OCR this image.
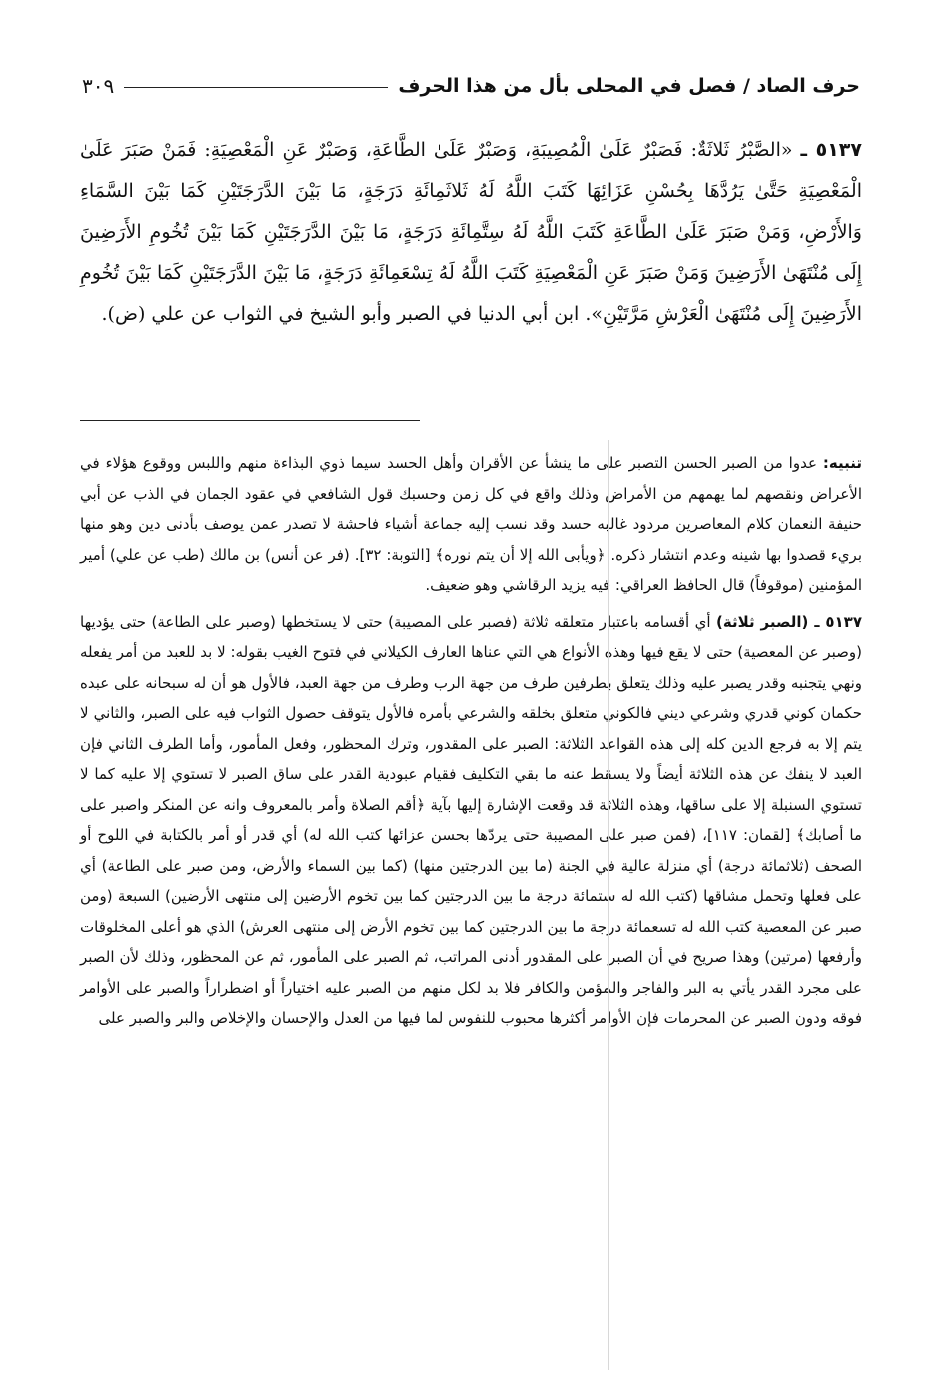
حرف الصاد / فصل في المحلى بأل من هذا الحرف
٣٠٩
٥١٣٧ ـ «الصَّبْرُ ثَلاثَةٌ: فَصَبْرٌ عَلَىٰ الْمُصِيبَةِ، وَصَبْرٌ عَلَىٰ الطَّاعَةِ، وَصَبْرٌ عَنِ الْمَعْصِيَةِ: فَمَنْ صَبَرَ عَلَىٰ الْمَعْصِيَةِ حَتَّىٰ يَرُدَّهَا بِحُسْنِ عَزَائِهَا كَتَبَ اللَّهُ لَهُ ثَلاثَمِائَةِ دَرَجَةٍ، مَا بَيْنَ الدَّرَجَتَيْنِ كَمَا بَيْنَ السَّمَاءِ وَالأَرْضِ، وَمَنْ صَبَرَ عَلَىٰ الطَّاعَةِ كَتَبَ اللَّهُ لَهُ سِتَّمِائَةِ دَرَجَةٍ، مَا بَيْنَ الدَّرَجَتَيْنِ كَمَا بَيْنَ تُخُومِ الأَرَضِينَ إِلَى مُنْتَهَىٰ الأَرَضِينَ وَمَنْ صَبَرَ عَنِ الْمَعْصِيَةِ كَتَبَ اللَّهُ لَهُ تِسْعَمِائَةِ دَرَجَةٍ، مَا بَيْنَ الدَّرَجَتَيْنِ كَمَا بَيْنَ تُخُومِ الأَرَضِينَ إِلَى مُنْتَهَىٰ الْعَرْشِ مَرَّتَيْنِ». ابن أبي الدنيا في الصبر وأبو الشيخ في الثواب عن علي (ض).

تنبيه: عدوا من الصبر الحسن التصبر على ما ينشأ عن الأقران وأهل الحسد سيما ذوي البذاءة منهم واللبس ووقوع هؤلاء في الأعراض ونقصهم لما يهمهم من الأمراض وذلك واقع في كل زمن وحسبك قول الشافعي في عقود الجمان في الذب عن أبي حنيفة النعمان كلام المعاصرين مردود غالبه حسد وقد نسب إليه جماعة أشياء فاحشة لا تصدر عمن يوصف بأدنى دين وهو منها بريء قصدوا بها شينه وعدم انتشار ذكره. ﴿ويأبى الله إلا أن يتم نوره﴾ [التوبة: ٣٢]. (فر عن أنس) بن مالك (طب عن علي) أمير المؤمنين (موقوفاً) قال الحافظ العراقي: فيه يزيد الرقاشي وهو ضعيف.

٥١٣٧ ـ (الصبر ثلاثة) أي أقسامه باعتبار متعلقه ثلاثة (فصبر على المصيبة) حتى لا يستخطها (وصبر على الطاعة) حتى يؤديها (وصبر عن المعصية) حتى لا يقع فيها وهذه الأنواع هي التي عناها العارف الكيلاني في فتوح الغيب بقوله: لا بد للعبد من أمر يفعله ونهي يتجنبه وقدر يصبر عليه وذلك يتعلق بطرفين طرف من جهة الرب وطرف من جهة العبد، فالأول هو أن له سبحانه على عبده حكمان كوني قدري وشرعي ديني فالكوني متعلق بخلقه والشرعي بأمره فالأول يتوقف حصول الثواب فيه على الصبر، والثاني لا يتم إلا به فرجع الدين كله إلى هذه القواعد الثلاثة: الصبر على المقدور، وترك المحظور، وفعل المأمور، وأما الطرف الثاني فإن العبد لا ينفك عن هذه الثلاثة أيضاً ولا يسقط عنه ما بقي التكليف فقيام عبودية القدر على ساق الصبر لا تستوي إلا عليه كما لا تستوي السنبلة إلا على ساقها، وهذه الثلاثة قد وقعت الإشارة إليها بآية ﴿أقم الصلاة وأمر بالمعروف وانه عن المنكر واصبر على ما أصابك﴾ [لقمان: ١١٧]، (فمن صبر على المصيبة حتى يردّها بحسن عزائها كتب الله له) أي قدر أو أمر بالكتابة في اللوح أو الصحف (ثلاثمائة درجة) أي منزلة عالية في الجنة (ما بين الدرجتين منها) (كما بين السماء والأرض، ومن صبر على الطاعة) أي على فعلها وتحمل مشاقها (كتب الله له ستمائة درجة ما بين الدرجتين كما بين تخوم الأرضين إلى منتهى الأرضين) السبعة (ومن صبر عن المعصية كتب الله له تسعمائة درجة ما بين الدرجتين كما بين تخوم الأرض إلى منتهى العرش) الذي هو أعلى المخلوقات وأرفعها (مرتين) وهذا صريح في أن الصبر على المقدور أدنى المراتب، ثم الصبر على المأمور، ثم عن المحظور، وذلك لأن الصبر على مجرد القدر يأتي به البر والفاجر والمؤمن والكافر فلا بد لكل منهم من الصبر عليه اختياراً أو اضطراراً والصبر على الأوامر فوقه ودون الصبر عن المحرمات فإن الأوامر أكثرها محبوب للنفوس لما فيها من العدل والإحسان والإخلاص والبر والصبر على
